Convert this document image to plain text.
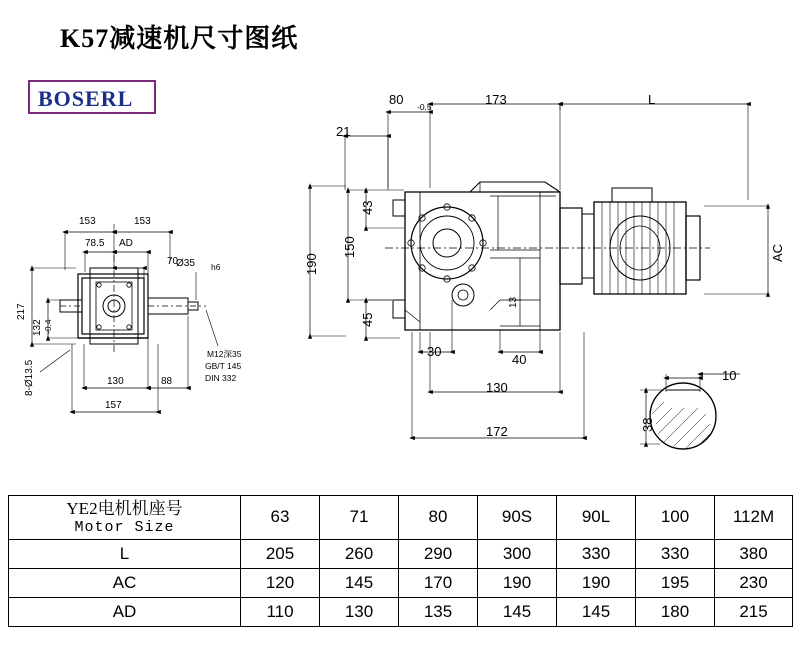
K57减速机尺寸图纸
BOSERL
153	153
78.5 AD
70
Ø35 h6
217
132 -0.4
8-Ø13.5	130	88
157
M12深35
GB/T 145
DIN 332
80 -0.5	173	L
21
43
150
190
45
13
AC
30
40
130
172
10
38
YE2电机机座号
Motor Size	63	71	80	90S	90L	100	112M
L	205	260	290	300	330	330	380
AC	120	145	170	190	190	195	230
AD	110	130	135	145	145	180	215
